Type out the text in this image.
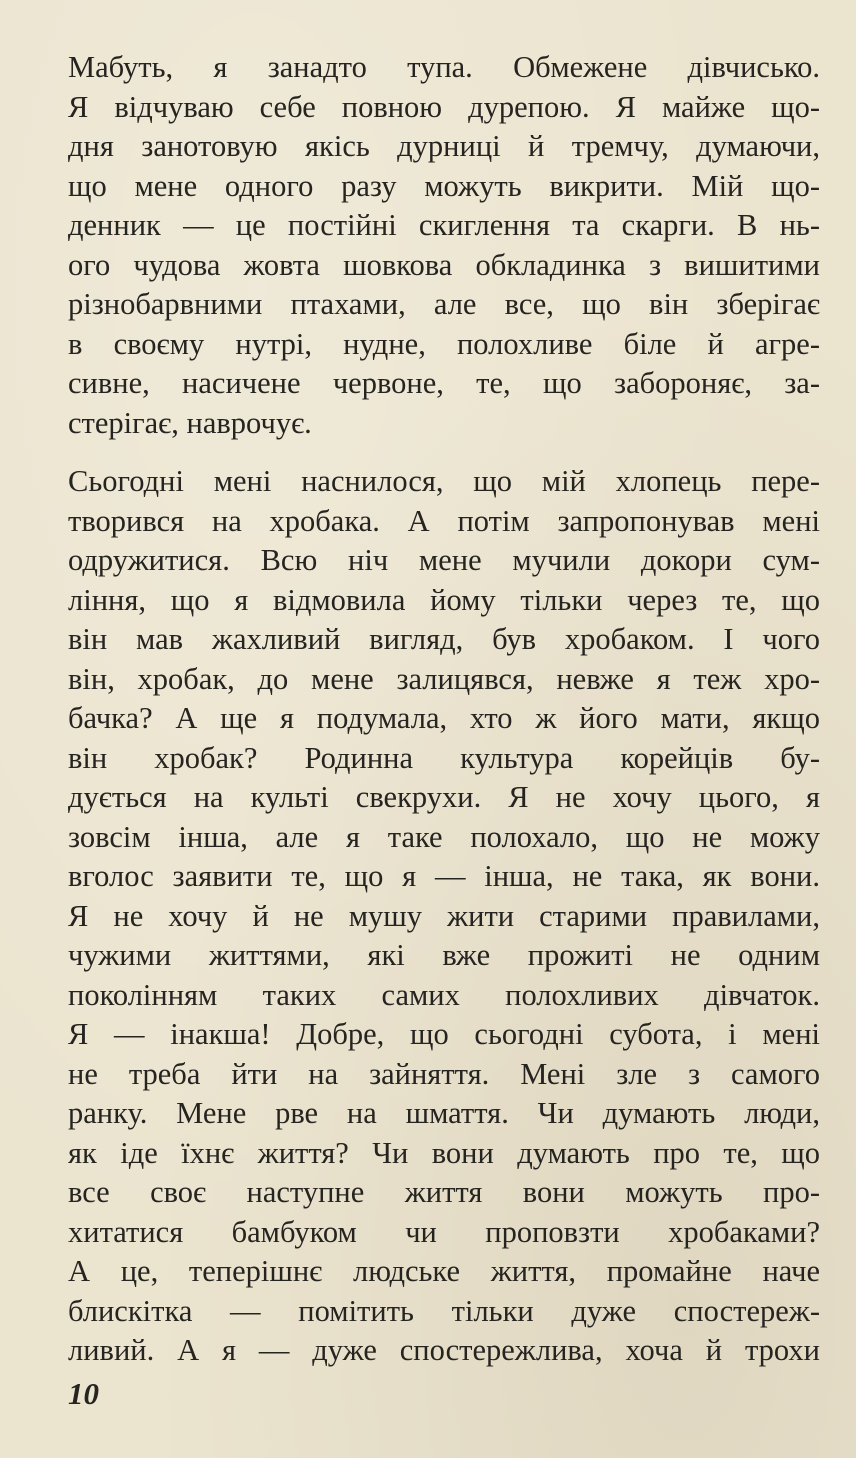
Мабуть, я занадто тупа. Обмежене дівчисько.
Я відчуваю себе повною дурепою. Я майже що-
дня занотовую якісь дурниці й тремчу, думаючи,
що мене одного разу можуть викрити. Мій що-
денник — це постійні скиглення та скарги. В нь-
ого чудова жовта шовкова обкладинка з вишитими
різнобарвними птахами, але все, що він зберігає
в своєму нутрі, нудне, полохливе біле й агре-
сивне, насичене червоне, те, що забороняє, за-
стерігає, наврочує.
Сьогодні мені наснилося, що мій хлопець пере-
творився на хробака. А потім запропонував мені
одружитися. Всю ніч мене мучили докори сум-
ління, що я відмовила йому тільки через те, що
він мав жахливий вигляд, був хробаком. І чого
він, хробак, до мене залицявся, невже я теж хро-
бачка? А ще я подумала, хто ж його мати, якщо
він хробак? Родинна культура корейців бу-
дується на культі свекрухи. Я не хочу цього, я
зовсім інша, але я таке полохало, що не можу
вголос заявити те, що я — інша, не така, як вони.
Я не хочу й не мушу жити старими правилами,
чужими життями, які вже прожиті не одним
поколінням таких самих полохливих дівчаток.
Я — інакша! Добре, що сьогодні субота, і мені
не треба йти на зайняття. Мені зле з самого
ранку. Мене рве на шмаття. Чи думають люди,
як іде їхнє життя? Чи вони думають про те, що
все своє наступне життя вони можуть про-
хитатися бамбуком чи проповзти хробаками?
А це, теперішнє людське життя, промайне наче
блискітка — помітить тільки дуже спостереж-
ливий. А я — дуже спостережлива, хоча й трохи
10
